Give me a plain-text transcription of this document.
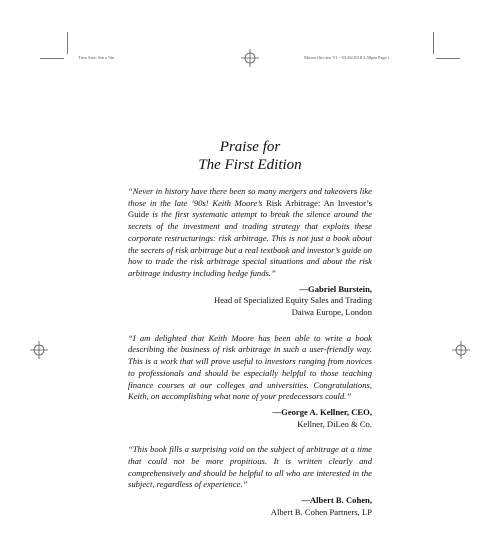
Trim Size: 6in x 9in	Moore ffirs.tex V1 - 03/26/2018 3:58pm Page i
Praise for
The First Edition

“Never in history have there been so many mergers and takeovers like those in the late ’90s! Keith Moore’s Risk Arbitrage: An Investor’s Guide is the first systematic attempt to break the silence around the secrets of the investment and trading strategy that exploits these corporate restructurings: risk arbitrage. This is not just a book about the secrets of risk arbitrage but a real textbook and investor’s guide on how to trade the risk arbitrage special situations and about the risk arbitrage industry including hedge funds.”

—Gabriel Burstein,
Head of Specialized Equity Sales and Trading
Daiwa Europe, London

“I am delighted that Keith Moore has been able to write a book describing the business of risk arbitrage in such a user-friendly way. This is a work that will prove useful to investors ranging from novices to professionals and should be especially helpful to those teaching finance courses at our colleges and universities. Congratulations, Keith, on accomplishing what none of your predecessors could.”

—George A. Kellner, CEO,
Kellner, DiLeo & Co.

“This book fills a surprising void on the subject of arbitrage at a time that could not be more propitious. It is written clearly and comprehensively and should be helpful to all who are interested in the subject, regardless of experience.”

—Albert B. Cohen,
Albert B. Cohen Partners, LP
